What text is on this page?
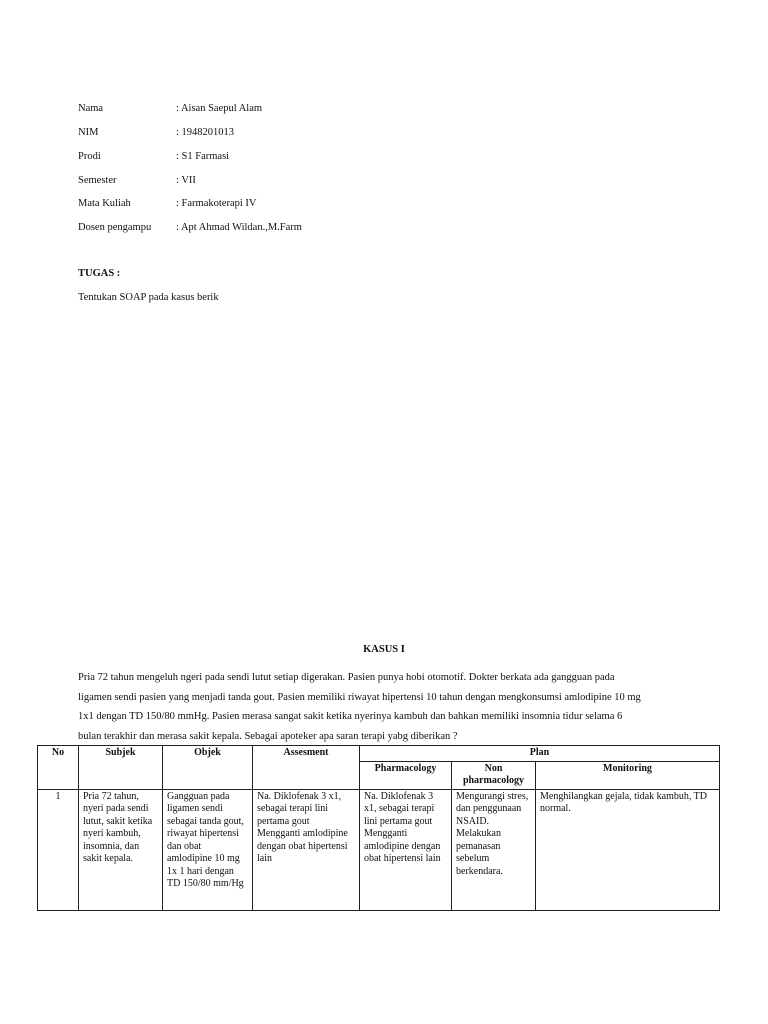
Nama	: Aisan Saepul Alam
NIM	: 1948201013
Prodi	: S1 Farmasi
Semester	: VII
Mata Kuliah	: Farmakoterapi IV
Dosen pengampu : Apt Ahmad Wildan.,M.Farm
TUGAS :
Tentukan SOAP pada kasus berik
KASUS I
Pria 72 tahun mengeluh ngeri pada sendi lutut setiap digerakan. Pasien punya hobi otomotif. Dokter berkata ada gangguan pada
ligamen sendi pasien yang menjadi tanda gout. Pasien memiliki riwayat hipertensi 10 tahun dengan mengkonsumsi amlodipine 10 mg
1x1 dengan TD 150/80 mmHg. Pasien merasa sangat sakit ketika nyerinya kambuh dan bahkan memiliki insomnia tidur selama 6
bulan terakhir dan merasa sakit kepala. Sebagai apoteker apa saran terapi yabg diberikan ?
No	Subjek	Objek	Assesment	Plan		
				Pharmacology	Non pharmacology	Monitoring
1	Pria 72 tahun, nyeri pada sendi lutut, sakit ketika nyeri kambuh, insomnia, dan sakit kepala.	Gangguan pada ligamen sendi sebagai tanda gout, riwayat hipertensi dan obat amlodipine 10 mg 1x 1 hari dengan TD 150/80 mm/Hg	Na. Diklofenak 3 x1, sebagai terapi lini pertama gout Mengganti amlodipine dengan obat hipertensi lain	Na. Diklofenak 3 x1, sebagai terapi lini pertama gout Mengganti amlodipine dengan obat hipertensi lain	Mengurangi stres, dan penggunaan NSAID. Melakukan pemanasan sebelum berkendara.	Menghilangkan gejala, tidak kambuh, TD normal.
